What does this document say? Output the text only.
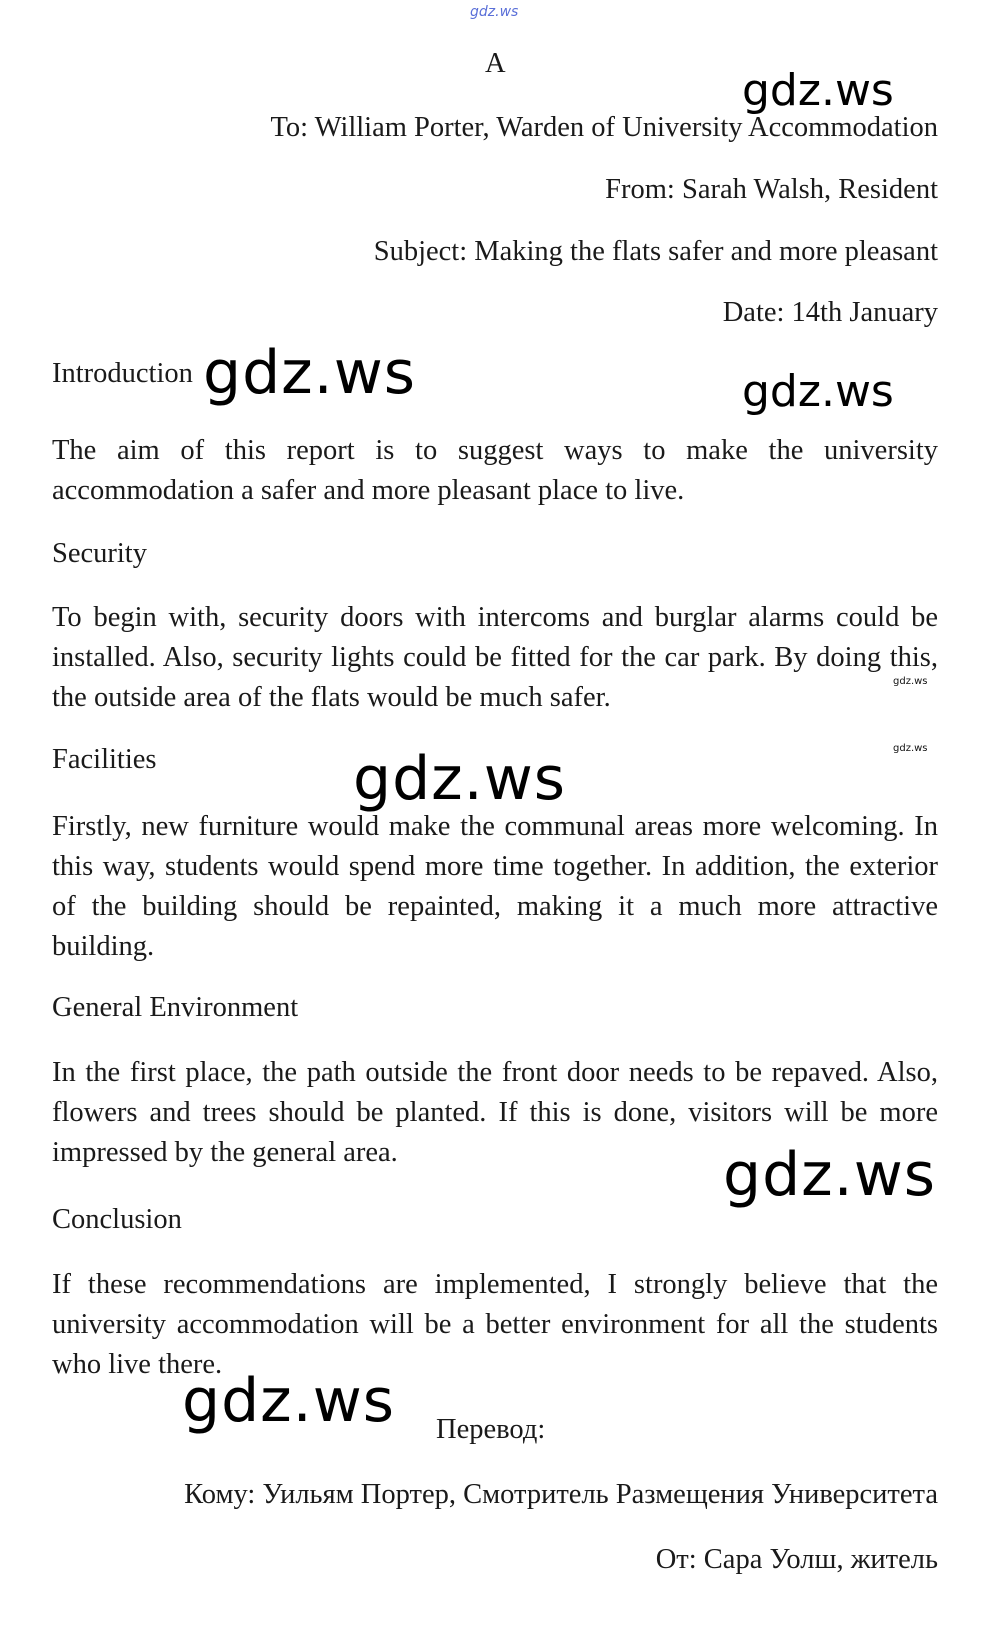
gdz.ws
A
gdz.ws
To: William Porter, Warden of University Accommodation
From: Sarah Walsh, Resident
Subject: Making the flats safer and more pleasant
Date: 14th January
Introduction gdz.ws	gdz.ws
The aim of this report is to suggest ways to make the university accommodation a safer and more pleasant place to live.
Security
To begin with, security doors with intercoms and burglar alarms could be installed. Also, security lights could be fitted for the car park. By doing this, the outside area of the flats would be much safer.
gdz.ws
Facilities	gdz.ws
gdz.ws
Firstly, new furniture would make the communal areas more welcoming. In this way, students would spend more time together. In addition, the exterior of the building should be repainted, making it a much more attractive building.
General Environment
In the first place, the path outside the front door needs to be repaved. Also, flowers and trees should be planted. If this is done, visitors will be more impressed by the general area.	gdz.ws
Conclusion
If these recommendations are implemented, I strongly believe that the university accommodation will be a better environment for all the students who live there.
gdz.ws Перевод:
Кому: Уильям Портер, Смотритель Размещения Университета
От: Сара Уолш, житель
